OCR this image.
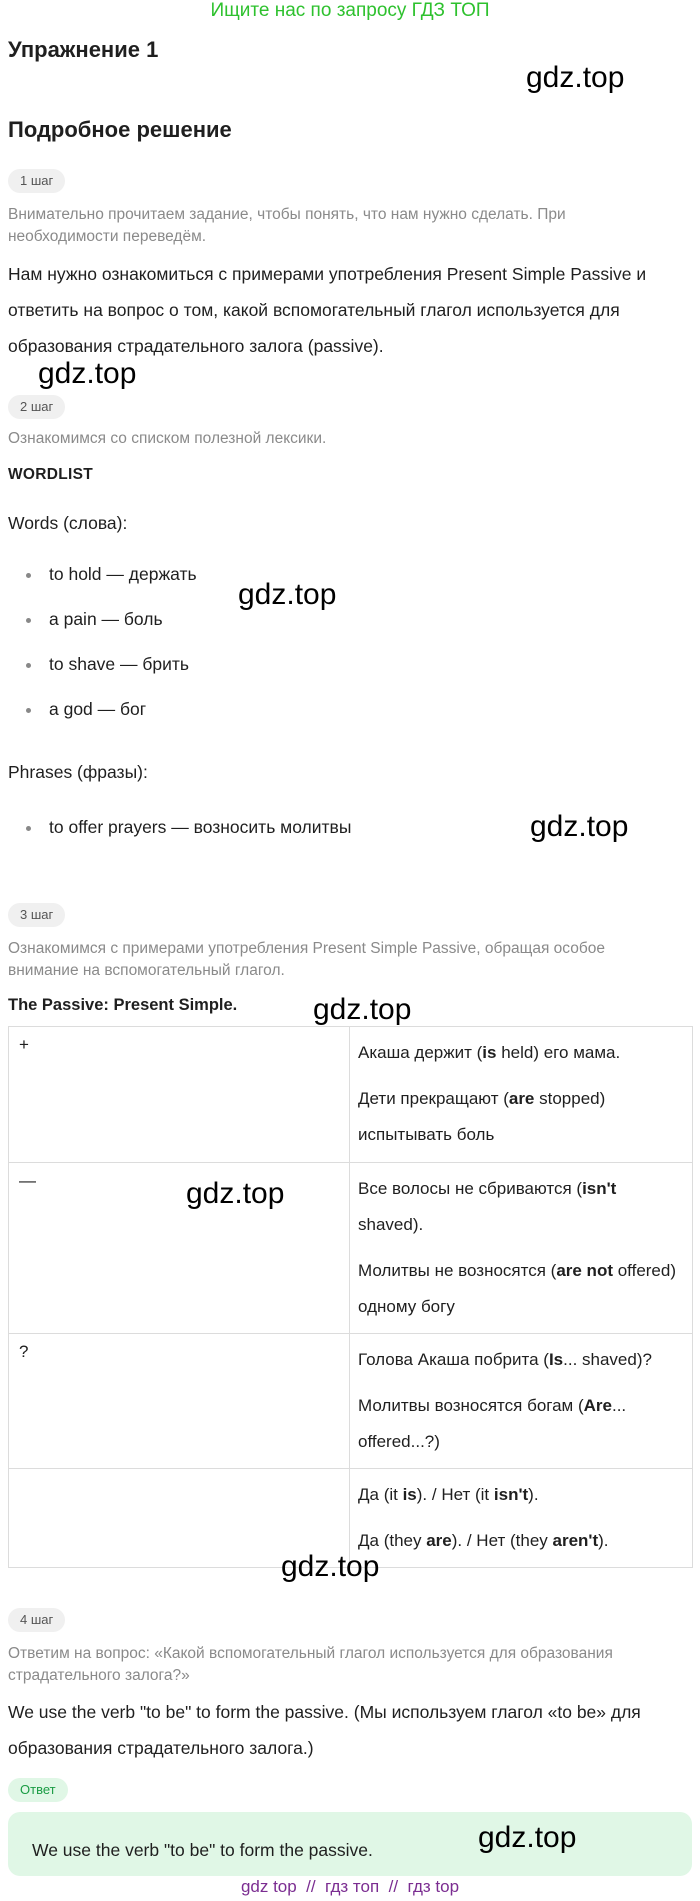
Ищите нас по запросу ГДЗ ТОП
Упражнение 1
Подробное решение
1 шаг
Внимательно прочитаем задание, чтобы понять, что нам нужно сделать. При необходимости переведём.
Нам нужно ознакомиться с примерами употребления Present Simple Passive и ответить на вопрос о том, какой вспомогательный глагол используется для образования страдательного залога (passive).
2 шаг
Ознакомимся со списком полезной лексики.
WORDLIST
Words (слова):
to hold — держать
a pain — боль
to shave — брить
a god — бог
Phrases (фразы):
to offer prayers — возносить молитвы
3 шаг
Ознакомимся с примерами употребления Present Simple Passive, обращая особое внимание на вспомогательный глагол.
The Passive: Present Simple.
+	Акаша держит (is held) его мама.

Дети прекращают (are stopped) испытывать боль

—	Все волосы не сбриваются (isn't shaved).

Молитвы не возносятся (are not offered) одному богу

?	Голова Акаша побрита (Is... shaved)?

Молитвы возносятся богам (Are... offered...?)

	Да (it is). / Нет (it isn't).

Да (they are). / Нет (they aren't).

4 шаг
Ответим на вопрос: «Какой вспомогательный глагол используется для образования страдательного залога?»
We use the verb "to be" to form the passive. (Мы используем глагол «to be» для образования страдательного залога.)
Ответ
We use the verb "to be" to form the passive.
gdz.top
gdz.top
gdz.top
gdz.top
gdz.top
gdz.top
gdz.top
gdz.top
gdz top  //  гдз топ  //  гдз top
